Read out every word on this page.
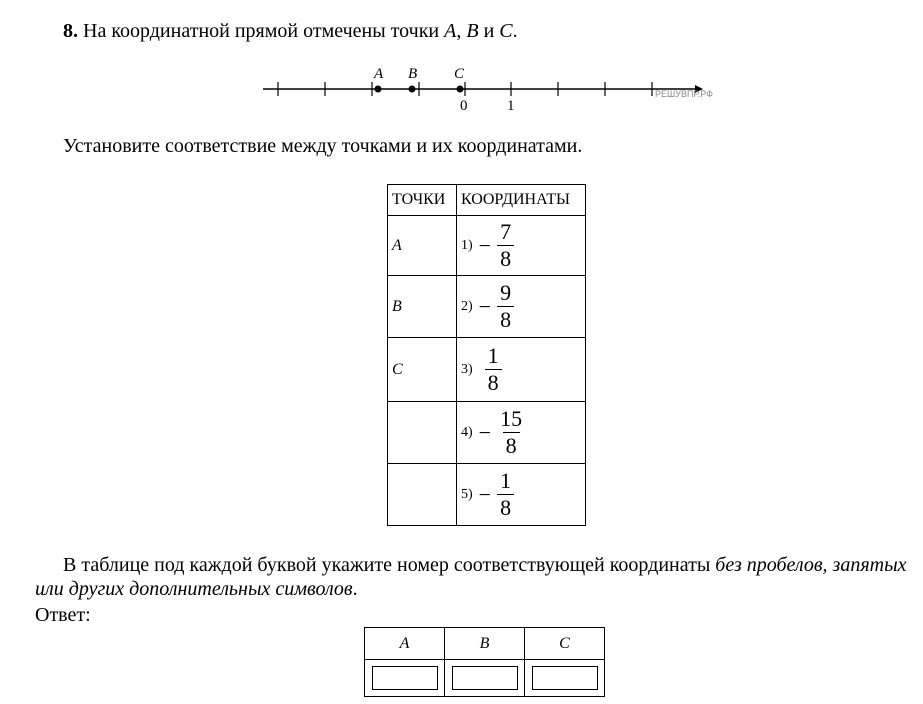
8. На координатной прямой отмечены точки A, B и C.
A B C
0	1
РЕШУВПР.РФ
Установите соответствие между точками и их координатами.
ТОЧКИ	КООРДИНАТЫ
A	$1) - \frac{7}{8}$

B	$2) - \frac{9}{8}$

C	$3) \frac{1}{8}$

	$4) - \frac{15}{8}$

	$5) - \frac{1}{8}$
В таблице под каждой буквой укажите номер соответствующей координаты без пробелов, запятых или других дополнительных символов.
Ответ:
A	B	C
